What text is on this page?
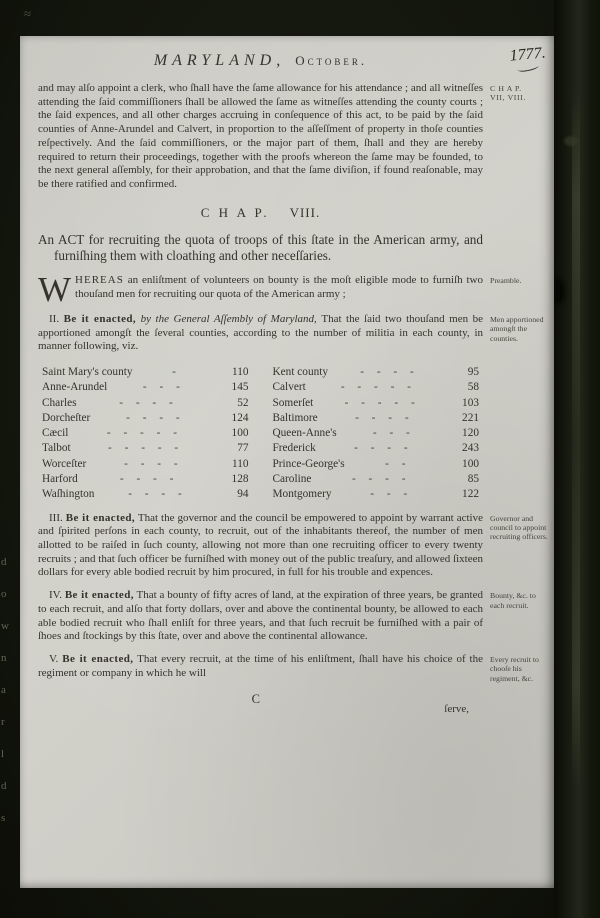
≈
d
o
w
n
a
r
l
d
s
MARYLAND, October.	1777.

and may alſo appoint a clerk, who ſhall have the ſame allowance for his attendance ; and all witneſſes attending the ſaid commiſſioners ſhall be allowed the ſame as witneſſes attending the county courts ; the ſaid expences, and all other charges accruing in conſequence of this act, to be paid by the ſaid counties of Anne-Arundel and Calvert, in proportion to the aſſeſſment of property in thoſe counties reſpectively. And the ſaid commiſſioners, or the major part of them, ſhall and they are hereby required to return their proceedings, together with the proofs whereon the ſame may be founded, to the next general aſſembly, for their approbation, and that the ſame diviſion, if found reaſonable, may be there ratified and confirmed.

C H A P.
VII, VIII.
C H A P. VIII.

An ACT for recruiting the quota of troops of this ſtate in the American army, and furniſhing them with cloathing and other neceſſaries.

WHEREAS an enliſtment of volunteers on bounty is the moſt eligible mode to furniſh two thouſand men for recruiting our quota of the American army ;

Preamble.

II. Be it enacted, by the General Aſſembly of Maryland, That the ſaid two thouſand men be apportioned amongſt the ſeveral counties, according to the number of militia in each county, in manner following, viz.

Men apportioned amongſt the counties.
Saint Mary's county	-	110 Kent county	- - - -	95
Anne-Arundel	- - -	145 Calvert	- - - - -	58
Charles	- - - -	52 Somerſet	- - - - -	103
Dorcheſter	- - - -	124 Baltimore	- - - -	221
Cæcil	- - - - -	100 Queen-Anne's	- - -	120
Talbot	- - - - -	77 Frederick	- - - -	243
Worceſter	- - - -	110 Prince-George's	- -	100
Harford	- - - -	128 Caroline	- - - -	85
Waſhington	- - - -	94 Montgomery	- - -	122

III. Be it enacted, That the governor and the council be empowered to appoint by warrant active and ſpirited perſons in each county, to recruit, out of the inhabitants thereof, the number of men allotted to be raiſed in ſuch county, allowing not more than one recruiting officer to every twenty recruits ; and that ſuch officer be furniſhed with money out of the public treaſury, and allowed ſixteen dollars for every able bodied recruit by him procured, in full for his trouble and expences.

Governor and council to appoint recruiting officers.

IV. Be it enacted, That a bounty of fifty acres of land, at the expiration of three years, be granted to each recruit, and alſo that forty dollars, over and above the continental bounty, be allowed to each able bodied recruit who ſhall enliſt for three years, and that ſuch recruit be furniſhed with a pair of ſhoes and ſtockings by this ſtate, over and above the continental allowance.

Bounty, &c. to each recruit.

V. Be it enacted, That every recruit, at the time of his enliſtment, ſhall have his choice of the regiment or company in which he will

Every recruit to chooſe his regiment, &c.
C
ſerve,
